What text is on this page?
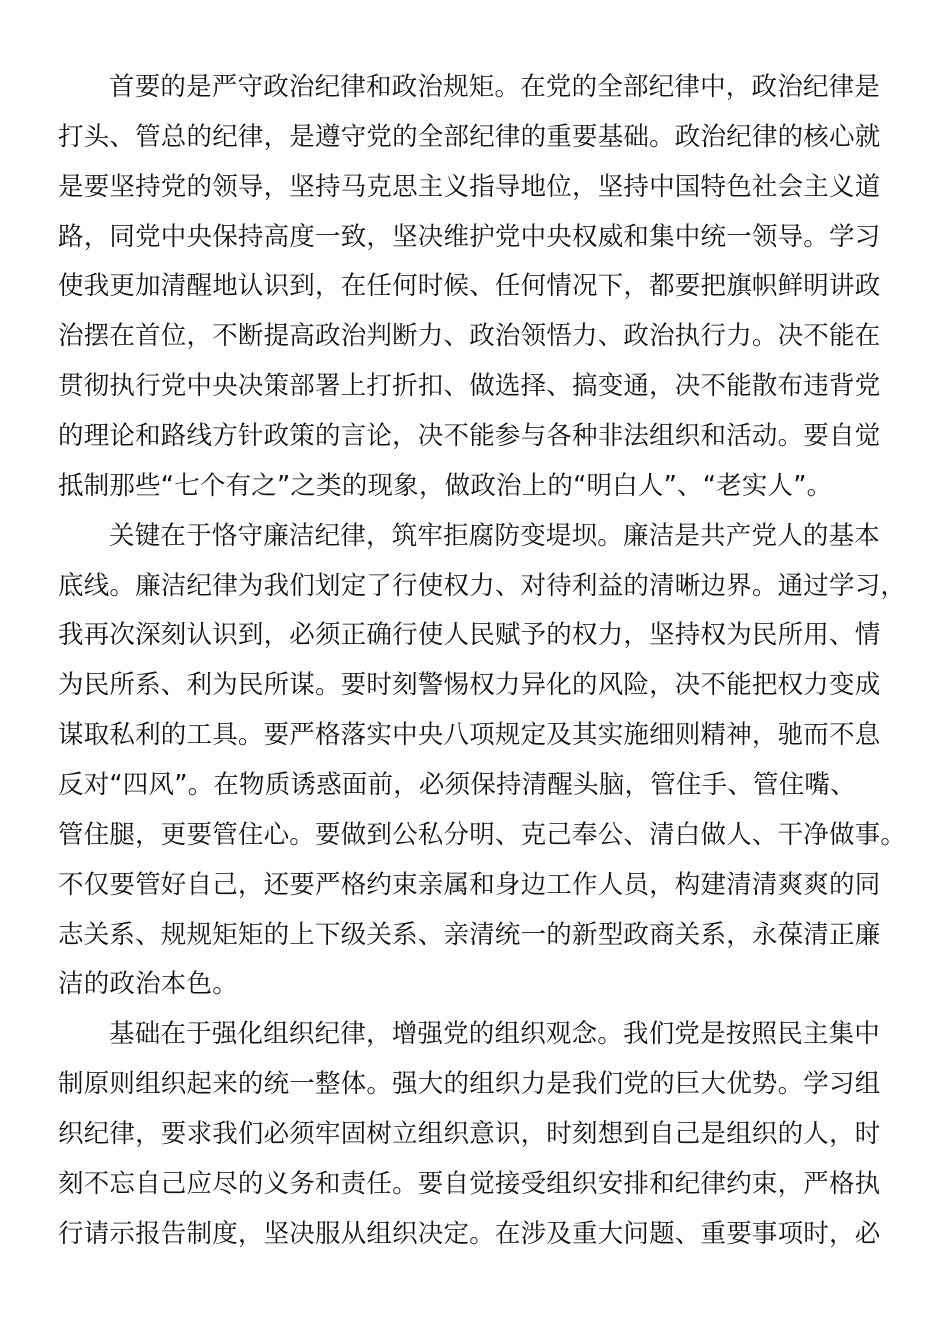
首要的是严守政治纪律和政治规矩。在党的全部纪律中，政治纪律是
打头、管总的纪律，是遵守党的全部纪律的重要基础。政治纪律的核心就
是要坚持党的领导，坚持马克思主义指导地位，坚持中国特色社会主义道
路，同党中央保持高度一致，坚决维护党中央权威和集中统一领导。学习
使我更加清醒地认识到，在任何时候、任何情况下，都要把旗帜鲜明讲政
治摆在首位，不断提高政治判断力、政治领悟力、政治执行力。决不能在
贯彻执行党中央决策部署上打折扣、做选择、搞变通，决不能散布违背党
的理论和路线方针政策的言论，决不能参与各种非法组织和活动。要自觉
抵制那些“七个有之”之类的现象，做政治上的“明白人”、“老实人”。
关键在于恪守廉洁纪律，筑牢拒腐防变堤坝。廉洁是共产党人的基本
底线。廉洁纪律为我们划定了行使权力、对待利益的清晰边界。通过学习，
我再次深刻认识到，必须正确行使人民赋予的权力，坚持权为民所用、情
为民所系、利为民所谋。要时刻警惕权力异化的风险，决不能把权力变成
谋取私利的工具。要严格落实中央八项规定及其实施细则精神，驰而不息
反对“四风”。在物质诱惑面前，必须保持清醒头脑，管住手、管住嘴、
管住腿，更要管住心。要做到公私分明、克己奉公、清白做人、干净做事。
不仅要管好自己，还要严格约束亲属和身边工作人员，构建清清爽爽的同
志关系、规规矩矩的上下级关系、亲清统一的新型政商关系，永葆清正廉
洁的政治本色。
基础在于强化组织纪律，增强党的组织观念。我们党是按照民主集中
制原则组织起来的统一整体。强大的组织力是我们党的巨大优势。学习组
织纪律，要求我们必须牢固树立组织意识，时刻想到自己是组织的人，时
刻不忘自己应尽的义务和责任。要自觉接受组织安排和纪律约束，严格执
行请示报告制度，坚决服从组织决定。在涉及重大问题、重要事项时，必
